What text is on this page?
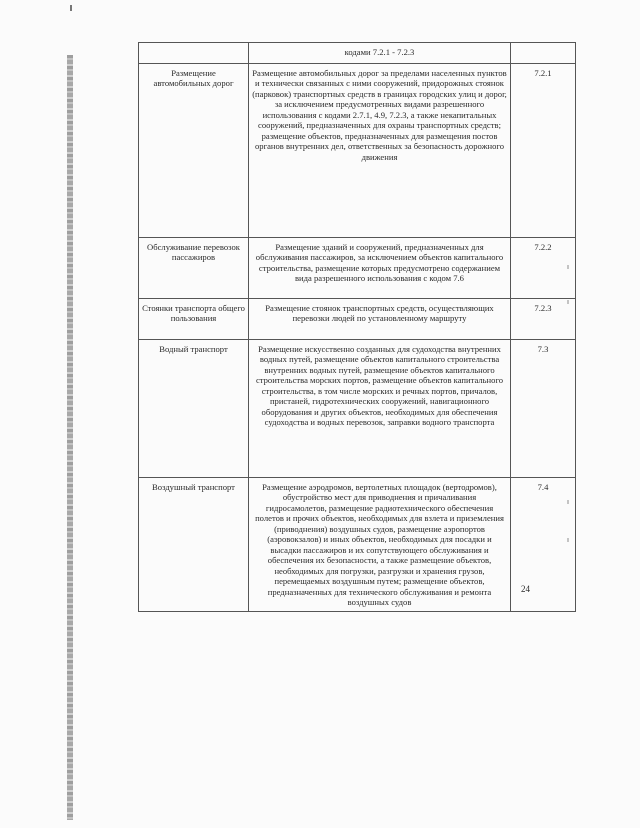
	кодами 7.2.1 - 7.2.3	
Размещение автомобильных дорог	Размещение автомобильных дорог за пределами населенных пунктов и технически связанных с ними сооружений, придорожных стоянок (парковок) транспортных средств в границах городских улиц и дорог, за исключением предусмотренных видами разрешенного использования с кодами 2.7.1, 4.9, 7.2.3, а также некапитальных сооружений, предназначенных для охраны транспортных средств; размещение объектов, предназначенных для размещения постов органов внутренних дел, ответственных за безопасность дорожного движения	7.2.1
Обслуживание перевозок пассажиров	Размещение зданий и сооружений, предназначенных для обслуживания пассажиров, за исключением объектов капитального строительства, размещение которых предусмотрено содержанием вида разрешенного использования с кодом 7.6	7.2.2
Стоянки транспорта общего пользования	Размещение стоянок транспортных средств, осуществляющих перевозки людей по установленному маршруту	7.2.3
Водный транспорт	Размещение искусственно созданных для судоходства внутренних водных путей, размещение объектов капитального строительства внутренних водных путей, размещение объектов капитального строительства морских портов, размещение объектов капитального строительства, в том числе морских и речных портов, причалов, пристаней, гидротехнических сооружений, навигационного оборудования и других объектов, необходимых для обеспечения судоходства и водных перевозок, заправки водного транспорта	7.3
Воздушный транспорт	Размещение аэродромов, вертолетных площадок (вертодромов), обустройство мест для приводнения и причаливания гидросамолетов, размещение радиотехнического обеспечения полетов и прочих объектов, необходимых для взлета и приземления (приводнения) воздушных судов, размещение аэропортов (аэровокзалов) и иных объектов, необходимых для посадки и высадки пассажиров и их сопутствующего обслуживания и обеспечения их безопасности, а также размещение объектов, необходимых для погрузки, разгрузки и хранения грузов, перемещаемых воздушным путем; размещение объектов, предназначенных для технического обслуживания и ремонта воздушных судов	7.4
24
